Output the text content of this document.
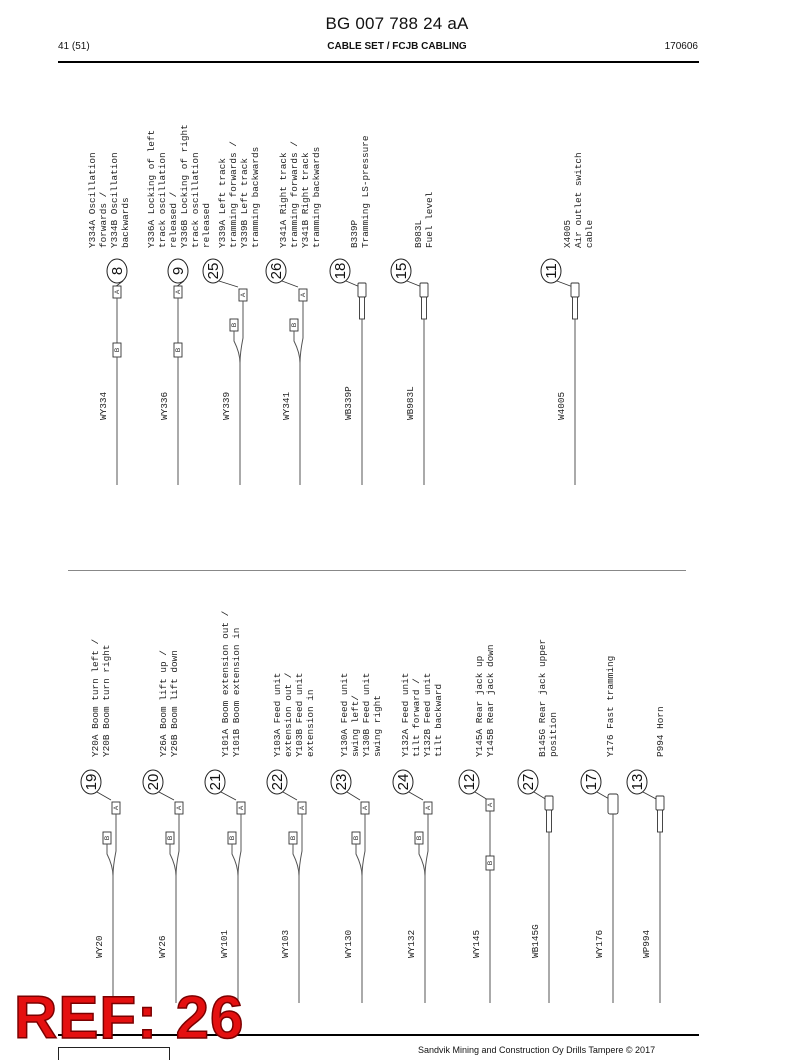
BG 007 788 24 aA
41 (51)	CABLE SET / FCJB CABLING	170606
Y334A Oscillation forwards / Y334B Oscillation backwards
8
A
B
WY334
Y336A Locking of left track oscillation released / Y336B Locking of right track oscillation released
9
A
B
WY336
Y339A Left track tramming forwards / Y339B Left track tramming backwards
25
A
B
WY339
Y341A Right track tramming forwards / Y341B Right track tramming backwards
26
A
B
WY341
B339P Tramming LS-pressure
18
WB339P
B983L Fuel level
15
WB983L
X4005 Air outlet switch cable
11
W4005
Y20A Boom turn left / Y20B Boom turn right
19
A
B
WY20
Y26A Boom lift up / Y26B Boom lift down
20
A
B
WY26
Y101A Boom extension out / Y101B Boom extension in
21
A
B
WY101
Y103A Feed unit extension out / Y103B Feed unit extension in
22
A
B
WY103
Y130A Feed unit swing left/ Y130B Feed unit swing right
23
A
B
WY130
Y132A Feed unit tilt forward / Y132B Feed unit tilt backward
24
A
B
WY132
Y145A Rear jack up Y145B Rear jack down
12
A
B
WY145
B145G Rear jack upper position
27
WB145G
Y176 Fast tramming
17
WY176
P994 Horn
13
WP994
Sandvik Mining and Construction Oy Drills Tampere © 2017
REF: 26
